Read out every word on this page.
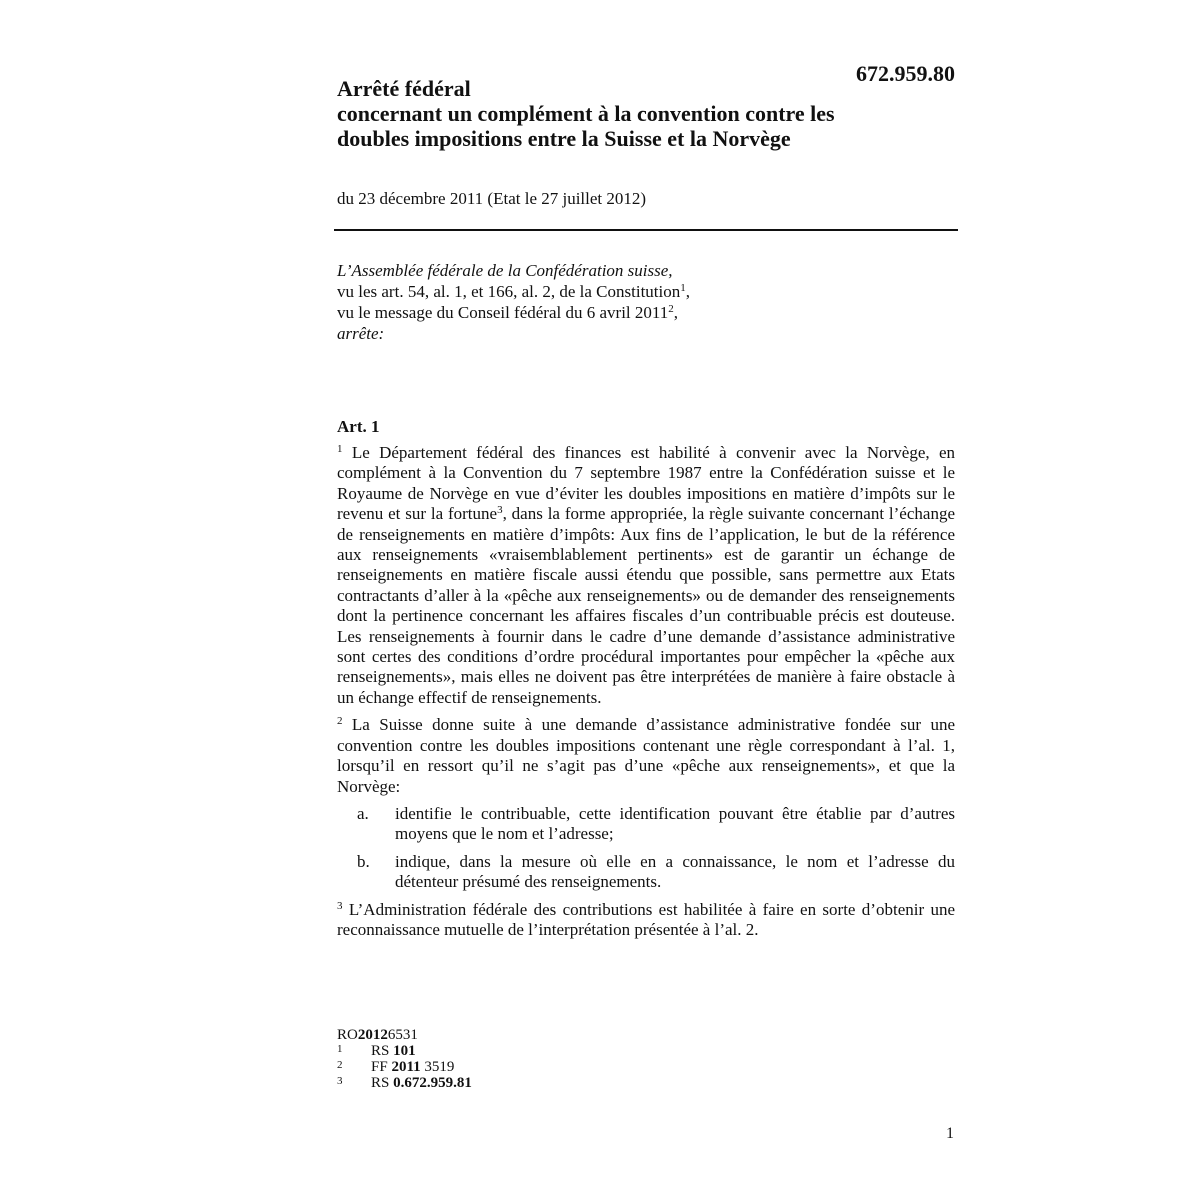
672.959.80
Arrêté fédéral
concernant un complément à la convention contre les
doubles impositions entre la Suisse et la Norvège
du 23 décembre 2011 (Etat le 27 juillet 2012)
L’Assemblée fédérale de la Confédération suisse,
vu les art. 54, al. 1, et 166, al. 2, de la Constitution$^1$,
vu le message du Conseil fédéral du 6 avril 2011$^2$,
arrête:
Art. 1

$^1$ Le Département fédéral des finances est habilité à convenir avec la Norvège, en complément à la Convention du 7 septembre 1987 entre la Confédération suisse et le Royaume de Norvège en vue d’éviter les doubles impositions en matière d’impôts sur le revenu et sur la fortune$^3$, dans la forme appropriée, la règle suivante concernant l’échange de renseignements en matière d’impôts: Aux fins de l’application, le but de la référence aux renseignements «vraisemblablement pertinents» est de garantir un échange de renseignements en matière fiscale aussi étendu que possible, sans permettre aux Etats contractants d’aller à la «pêche aux renseignements» ou de demander des renseignements dont la pertinence concernant les affaires fiscales d’un contribuable précis est douteuse. Les renseignements à fournir dans le cadre d’une demande d’assistance administrative sont certes des conditions d’ordre procédural importantes pour empêcher la «pêche aux renseignements», mais elles ne doivent pas être interprétées de manière à faire obstacle à un échange effectif de renseignements.

$^2$ La Suisse donne suite à une demande d’assistance administrative fondée sur une convention contre les doubles impositions contenant une règle correspondant à l’al. 1, lorsqu’il en ressort qu’il ne s’agit pas d’une «pêche aux renseignements», et que la Norvège:

a.	identifie le contribuable, cette identification pouvant être établie par d’autres moyens que le nom et l’adresse;
b.	indique, dans la mesure où elle en a connaissance, le nom et l’adresse du détenteur présumé des renseignements.

$^3$ L’Administration fédérale des contributions est habilitée à faire en sorte d’obtenir une reconnaissance mutuelle de l’interprétation présentée à l’al. 2.

RO 2012 6531
1	RS 101
2	FF 2011 3519
3	RS 0.672.959.81
1
